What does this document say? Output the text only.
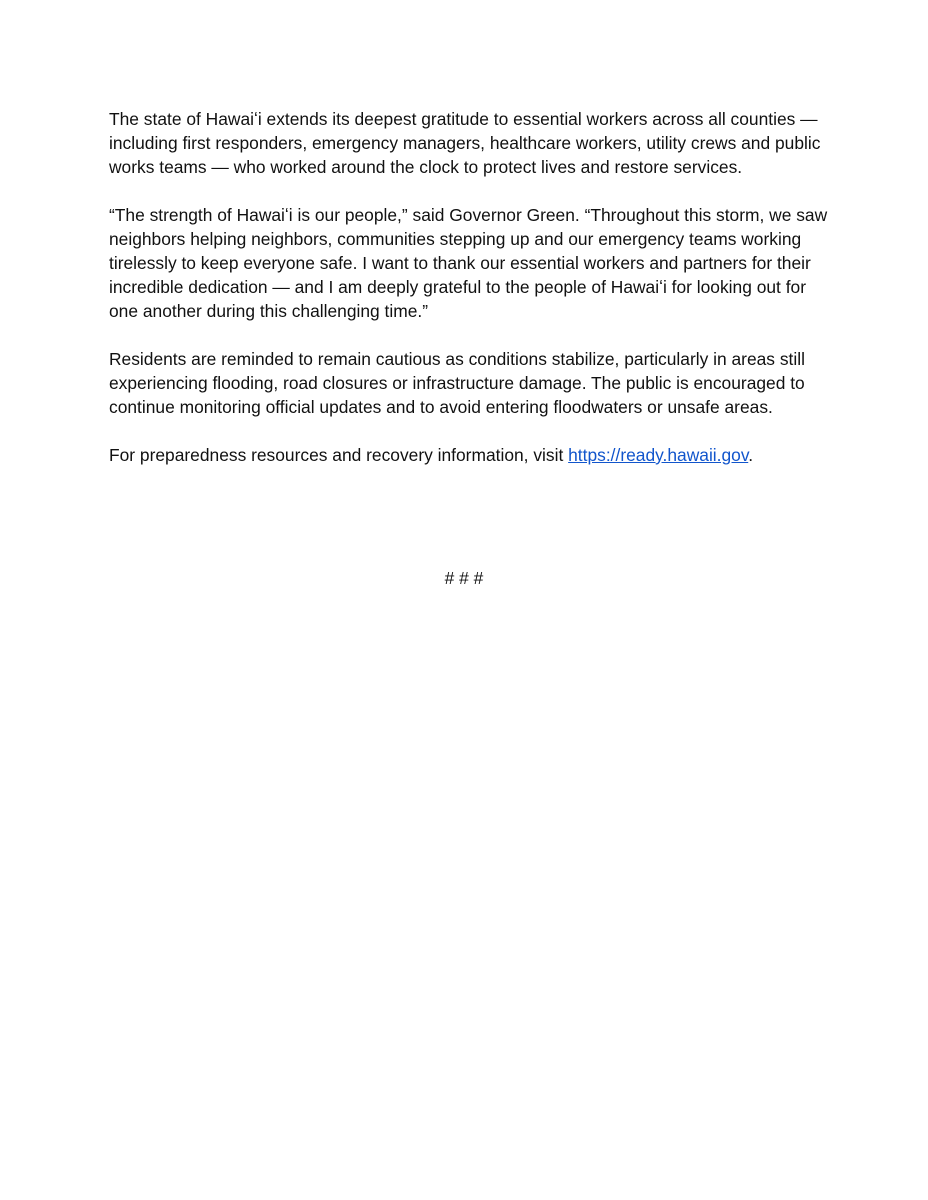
The state of Hawaiʻi extends its deepest gratitude to essential workers across all counties — including first responders, emergency managers, healthcare workers, utility crews and public works teams — who worked around the clock to protect lives and restore services.

“The strength of Hawaiʻi is our people,” said Governor Green. “Throughout this storm, we saw neighbors helping neighbors, communities stepping up and our emergency teams working tirelessly to keep everyone safe. I want to thank our essential workers and partners for their incredible dedication — and I am deeply grateful to the people of Hawaiʻi for looking out for one another during this challenging time.”

Residents are reminded to remain cautious as conditions stabilize, particularly in areas still experiencing flooding, road closures or infrastructure damage. The public is encouraged to continue monitoring official updates and to avoid entering floodwaters or unsafe areas.

For preparedness resources and recovery information, visit https://ready.hawaii.gov.

# # #
